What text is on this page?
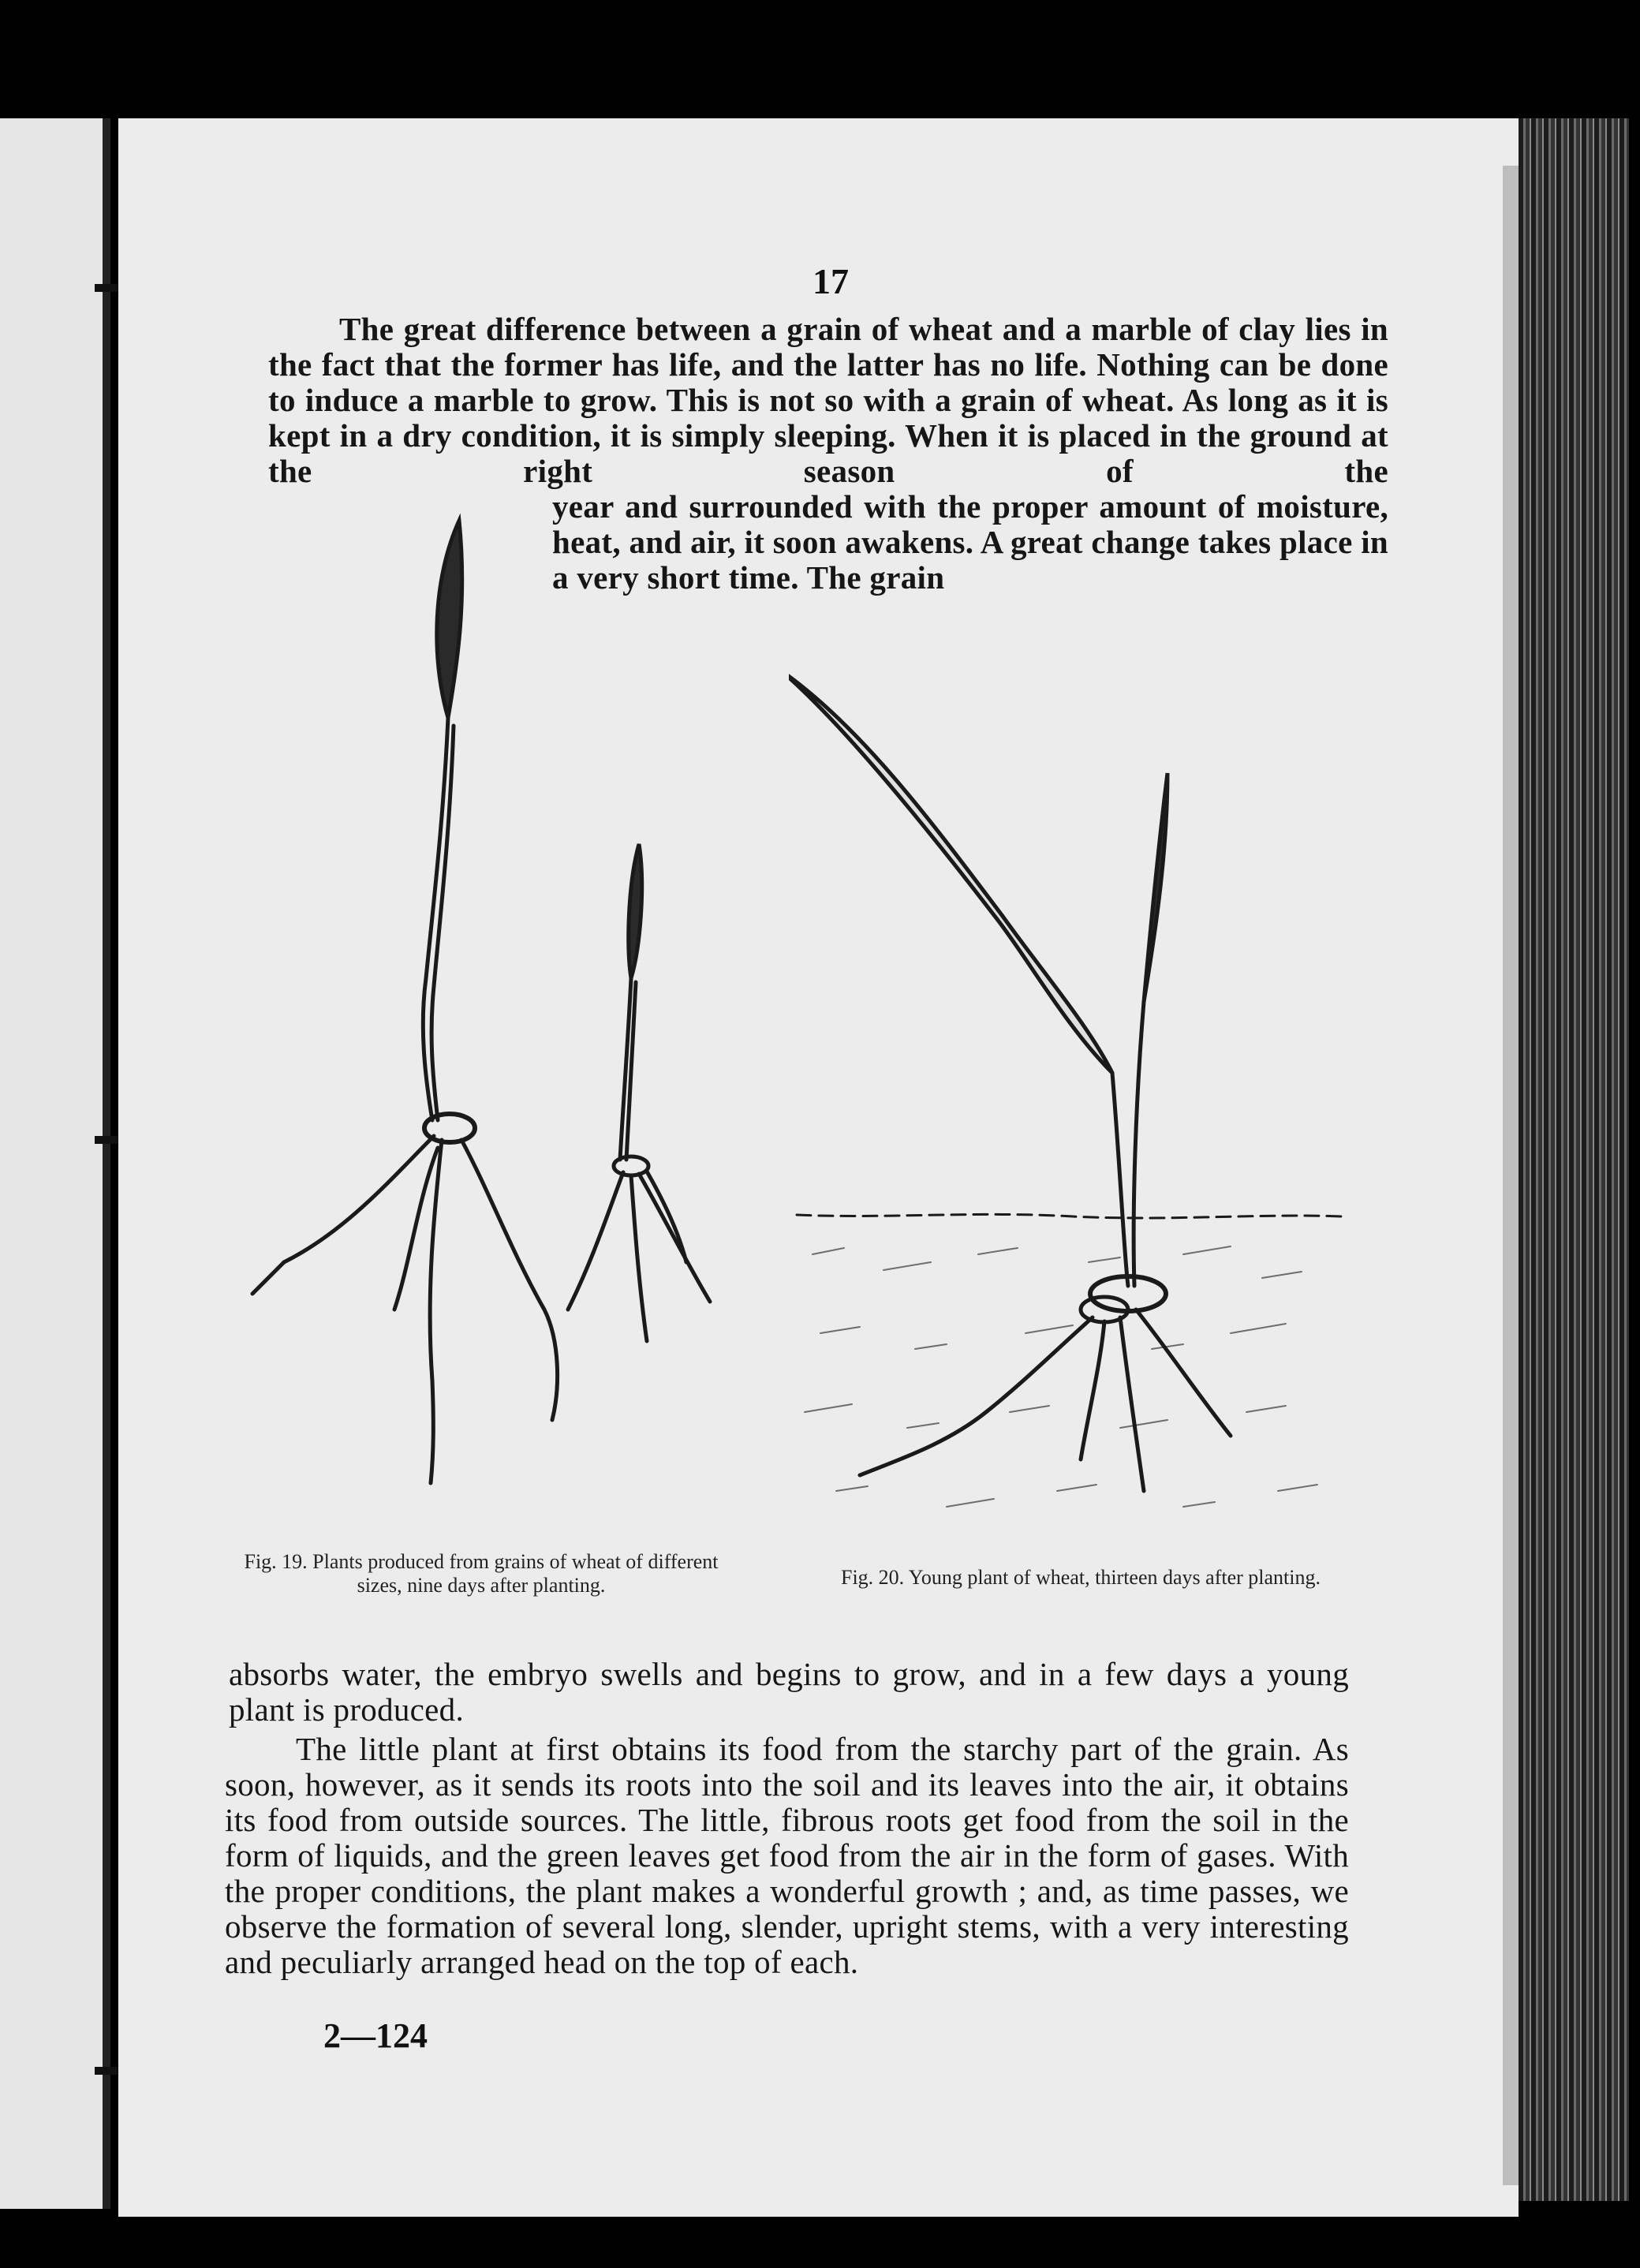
17

The great difference between a grain of wheat and a marble of clay lies in the fact that the former has life, and the latter has no life. Nothing can be done to induce a marble to grow. This is not so with a grain of wheat. As long as it is kept in a dry condition, it is simply sleeping. When it is placed in the ground at the right season of the

year and surrounded with the proper amount of moisture, heat, and air, it soon awakens. A great change takes place in a very short time. The grain

Fig. 19. Plants produced from grains of wheat of different sizes, nine days after planting.	Fig. 20. Young plant of wheat, thirteen days after planting.

absorbs water, the embryo swells and begins to grow, and in a few days a young plant is produced.

The little plant at first obtains its food from the starchy part of the grain. As soon, however, as it sends its roots into the soil and its leaves into the air, it obtains its food from outside sources. The little, fibrous roots get food from the soil in the form of liquids, and the green leaves get food from the air in the form of gases. With the proper conditions, the plant makes a wonderful growth ; and, as time passes, we observe the formation of several long, slender, upright stems, with a very interesting and peculiarly arranged head on the top of each.

2—124
